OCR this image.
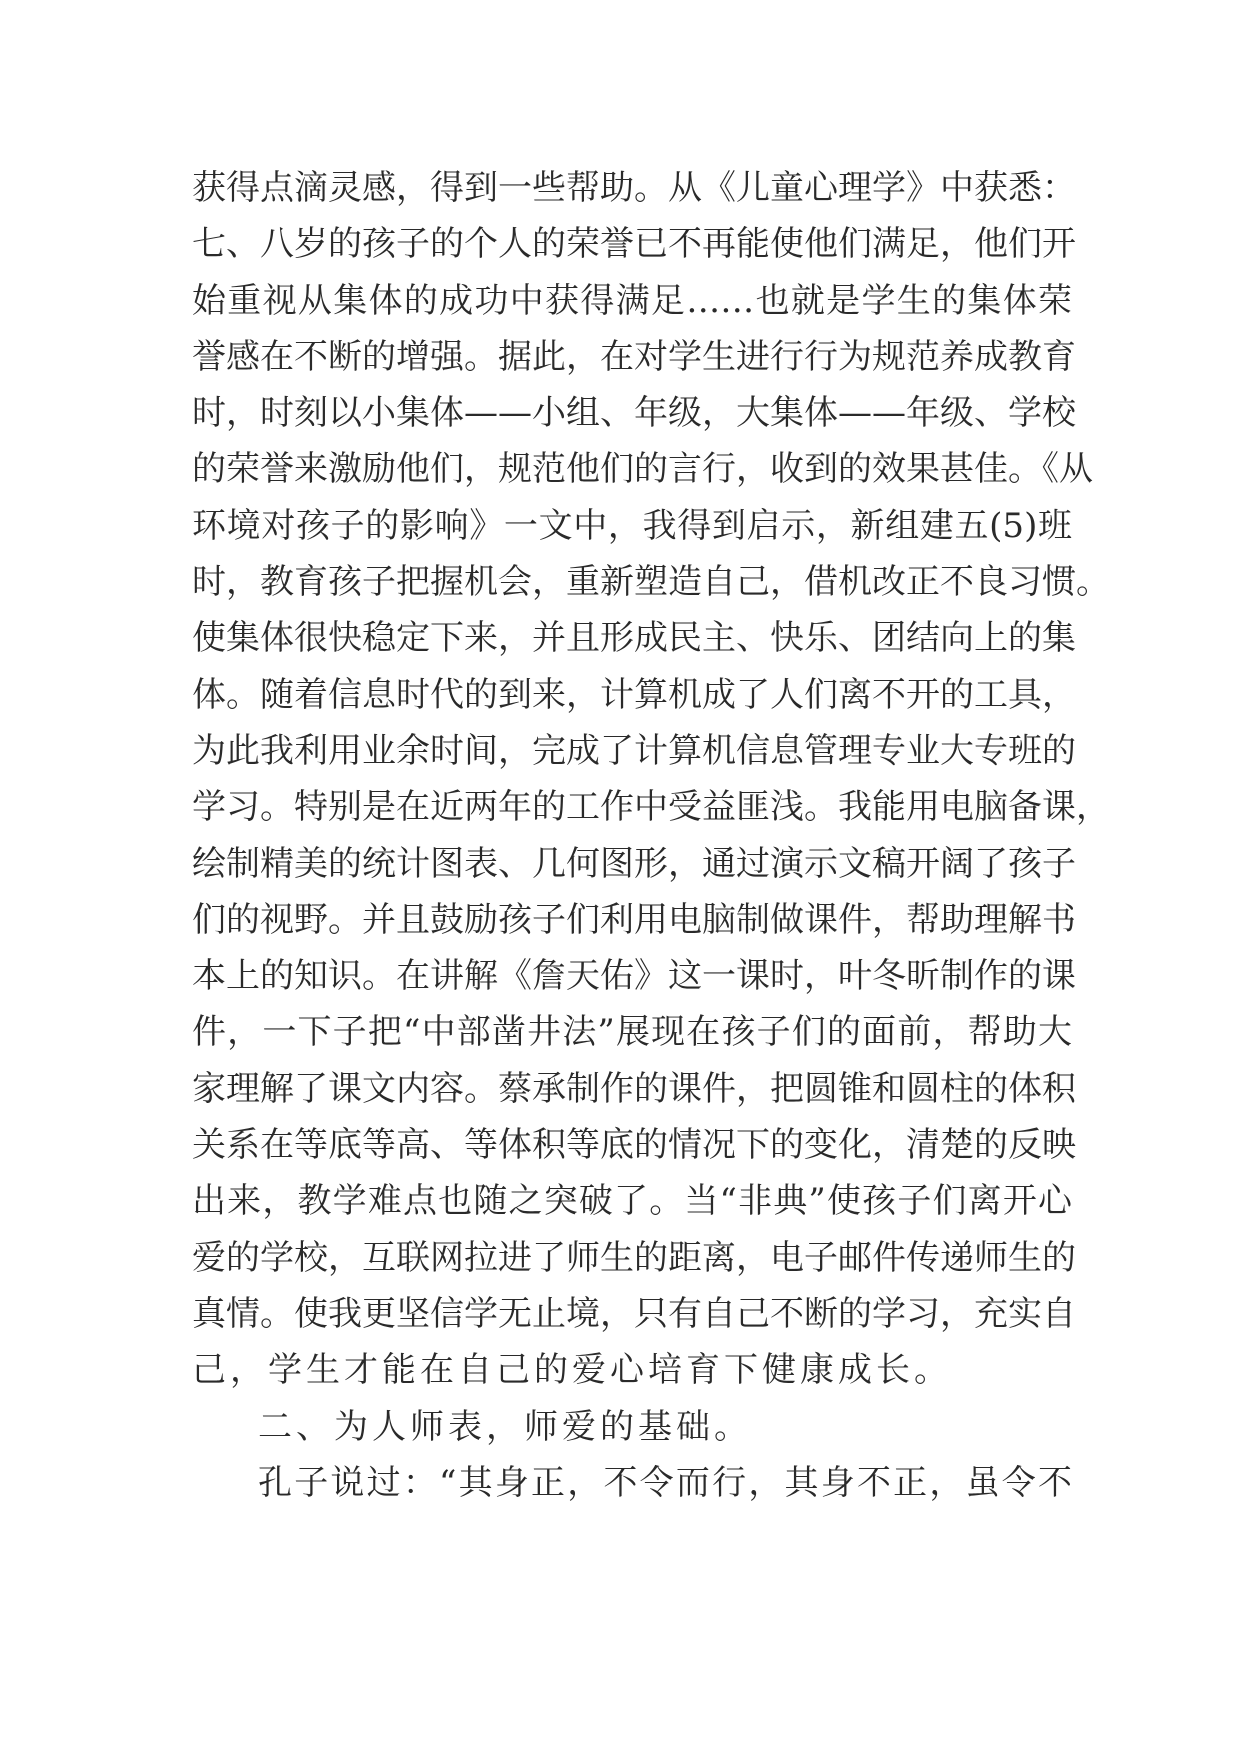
获得点滴灵感，得到一些帮助。从《儿童心理学》中获悉：
七、八岁的孩子的个人的荣誉已不再能使他们满足，他们开
始重视从集体的成功中获得满足……也就是学生的集体荣
誉感在不断的增强。据此，在对学生进行行为规范养成教育
时，时刻以小集体——小组、年级，大集体——年级、学校
的荣誉来激励他们，规范他们的言行，收到的效果甚佳。《从
环境对孩子的影响》一文中，我得到启示，新组建五(5)班
时，教育孩子把握机会，重新塑造自己，借机改正不良习惯。
使集体很快稳定下来，并且形成民主、快乐、团结向上的集
体。随着信息时代的到来，计算机成了人们离不开的工具，
为此我利用业余时间，完成了计算机信息管理专业大专班的
学习。特别是在近两年的工作中受益匪浅。我能用电脑备课，
绘制精美的统计图表、几何图形，通过演示文稿开阔了孩子
们的视野。并且鼓励孩子们利用电脑制做课件，帮助理解书
本上的知识。在讲解《詹天佑》这一课时，叶冬昕制作的课
件，一下子把“中部凿井法”展现在孩子们的面前，帮助大
家理解了课文内容。蔡承制作的课件，把圆锥和圆柱的体积
关系在等底等高、等体积等底的情况下的变化，清楚的反映
出来，教学难点也随之突破了。当“非典”使孩子们离开心
爱的学校，互联网拉进了师生的距离，电子邮件传递师生的
真情。使我更坚信学无止境，只有自己不断的学习，充实自
己，学生才能在自己的爱心培育下健康成长。
二、为人师表，师爱的基础。
孔子说过：“其身正，不令而行，其身不正，虽令不
